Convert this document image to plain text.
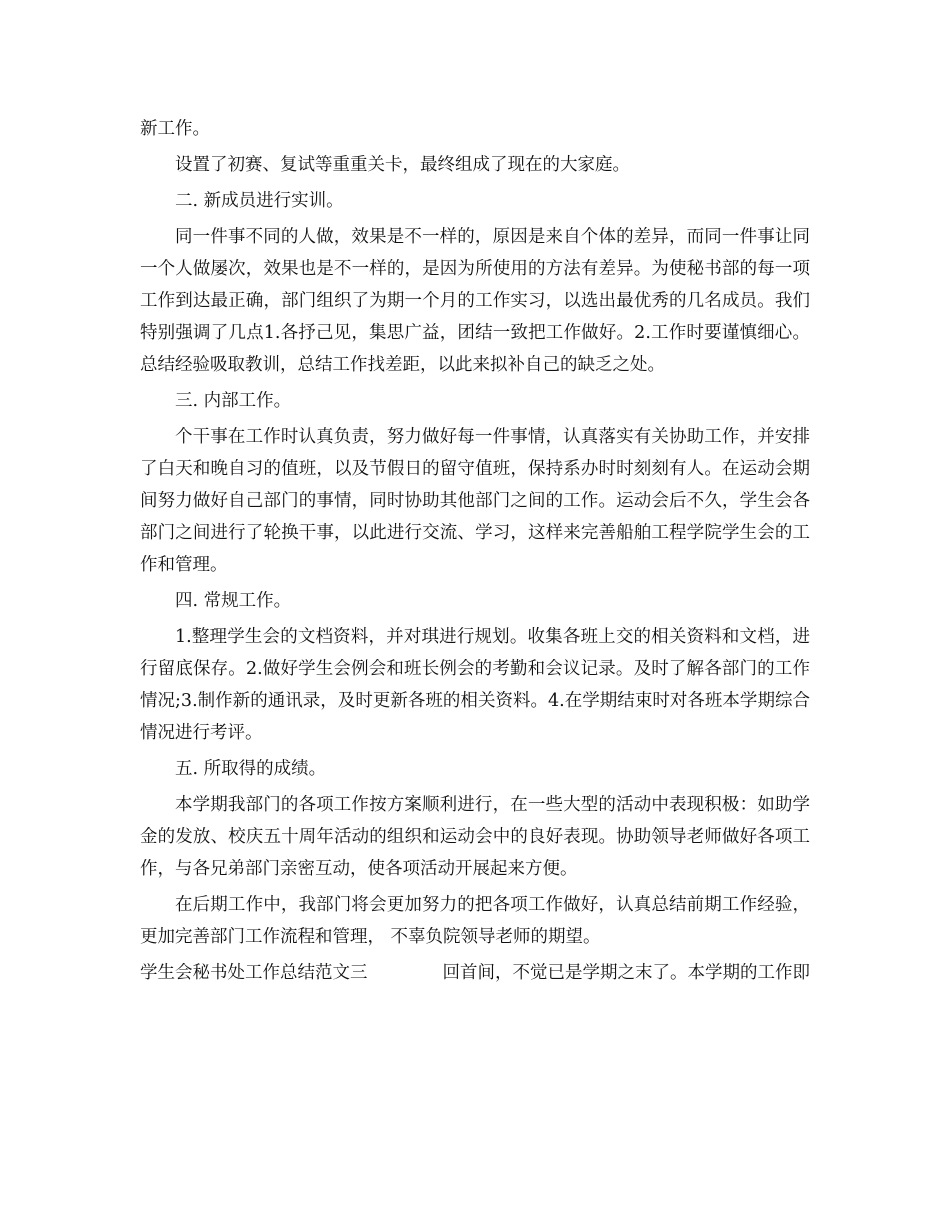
新工作。

设置了初赛、复试等重重关卡，最终组成了现在的大家庭。

二. 新成员进行实训。

同一件事不同的人做，效果是不一样的，原因是来自个体的差异，而同一件事让同一个人做屡次，效果也是不一样的，是因为所使用的方法有差异。为使秘书部的每一项工作到达最正确，部门组织了为期一个月的工作实习，以选出最优秀的几名成员。我们特别强调了几点1.各抒己见，集思广益，团结一致把工作做好。2.工作时要谨慎细心。总结经验吸取教训，总结工作找差距，以此来拟补自己的缺乏之处。

三. 内部工作。

个干事在工作时认真负责，努力做好每一件事情，认真落实有关协助工作，并安排了白天和晚自习的值班，以及节假日的留守值班，保持系办时时刻刻有人。在运动会期间努力做好自己部门的事情，同时协助其他部门之间的工作。运动会后不久，学生会各部门之间进行了轮换干事，以此进行交流、学习，这样来完善船舶工程学院学生会的工作和管理。

四. 常规工作。

1.整理学生会的文档资料，并对琪进行规划。收集各班上交的相关资料和文档，进行留底保存。2.做好学生会例会和班长例会的考勤和会议记录。及时了解各部门的工作情况;3.制作新的通讯录，及时更新各班的相关资料。4.在学期结束时对各班本学期综合情况进行考评。

五. 所取得的成绩。

本学期我部门的各项工作按方案顺利进行，在一些大型的活动中表现积极：如助学金的发放、校庆五十周年活动的组织和运动会中的良好表现。协助领导老师做好各项工作，与各兄弟部门亲密互动，使各项活动开展起来方便。

在后期工作中，我部门将会更加努力的把各项工作做好，认真总结前期工作经验，更加完善部门工作流程和管理， 不辜负院领导老师的期望。

学生会秘书处工作总结范文三	回首间，不觉已是学期之末了。本学期的工作即
